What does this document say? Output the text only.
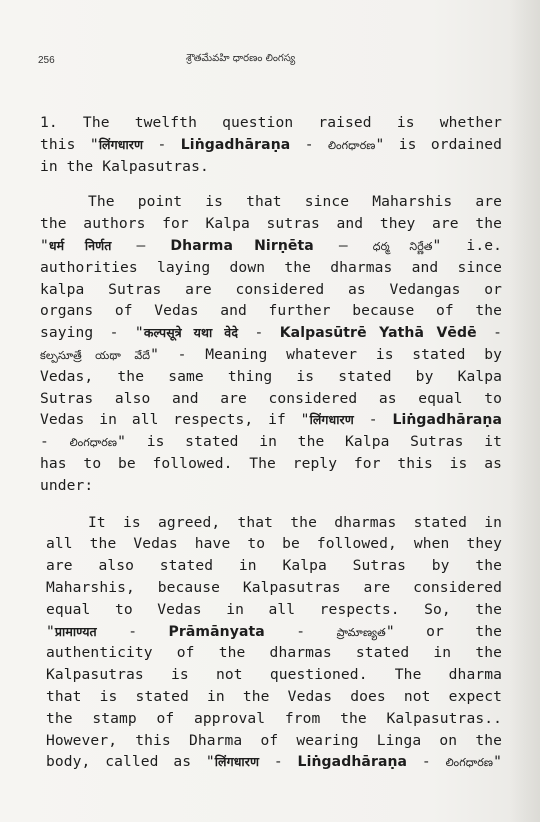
256	శ్రౌతమేవహి ధారణం లింగస్య
1. The twelfth question raised is whether
this "लिंगधारण - Liṅgadhāraṇa - లింగధారణ" is ordained
in the Kalpasutras.
The point is that since Maharshis are
the authors for Kalpa sutras and they are the
"धर्म निर्णत – Dharma Nirṇēta – ధర్మ నిర్ణేత" i.e.
authorities laying down the dharmas and since
kalpa Sutras are considered as Vedangas or
organs of Vedas and further because of the
saying - "कल्पसूत्रे यथा वेदे - Kalpasūtrē Yathā Vēdē -
కల్పసూత్రే యథా వేదే" - Meaning whatever is stated by
Vedas, the same thing is stated by Kalpa
Sutras also and are considered as equal to
Vedas in all respects, if "लिंगधारण - Liṅgadhāraṇa
- లింగధారణ" is stated in the Kalpa Sutras it
has to be followed. The reply for this is as
under:
It is agreed, that the dharmas stated in
all the Vedas have to be followed, when they
are also stated in Kalpa Sutras by the
Maharshis, because Kalpasutras are considered
equal to Vedas in all respects. So, the
"प्रामाण्यत - Prāmānyata - ప్రామాణ్యత" or the
authenticity of the dharmas stated in the
Kalpasutras is not questioned. The dharma
that is stated in the Vedas does not expect
the stamp of approval from the Kalpasutras..
However, this Dharma of wearing Linga on the
body, called as "लिंगधारण - Liṅgadhāraṇa - లింగధారణ"
